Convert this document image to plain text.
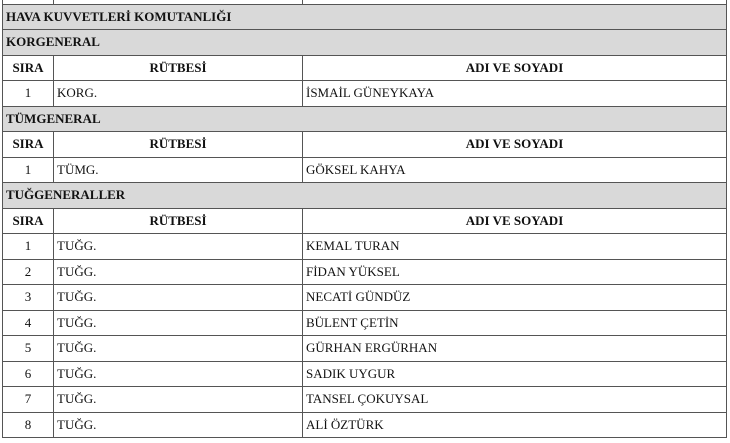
HAVA KUVVETLERİ KOMUTANLIĞI		
KORGENERAL		
SIRA	RÜTBESİ	ADI VE SOYADI
1	KORG.	İSMAİL GÜNEYKAYA
TÜMGENERAL		
SIRA	RÜTBESİ	ADI VE SOYADI
1	TÜMG.	GÖKSEL KAHYA
TUĞGENERALLER		
SIRA	RÜTBESİ	ADI VE SOYADI
1	TUĞG.	KEMAL TURAN
2	TUĞG.	FİDAN YÜKSEL
3	TUĞG.	NECATİ GÜNDÜZ
4	TUĞG.	BÜLENT ÇETİN
5	TUĞG.	GÜRHAN ERGÜRHAN
6	TUĞG.	SADIK UYGUR
7	TUĞG.	TANSEL ÇOKUYSAL
8	TUĞG.	ALİ ÖZTÜRK
